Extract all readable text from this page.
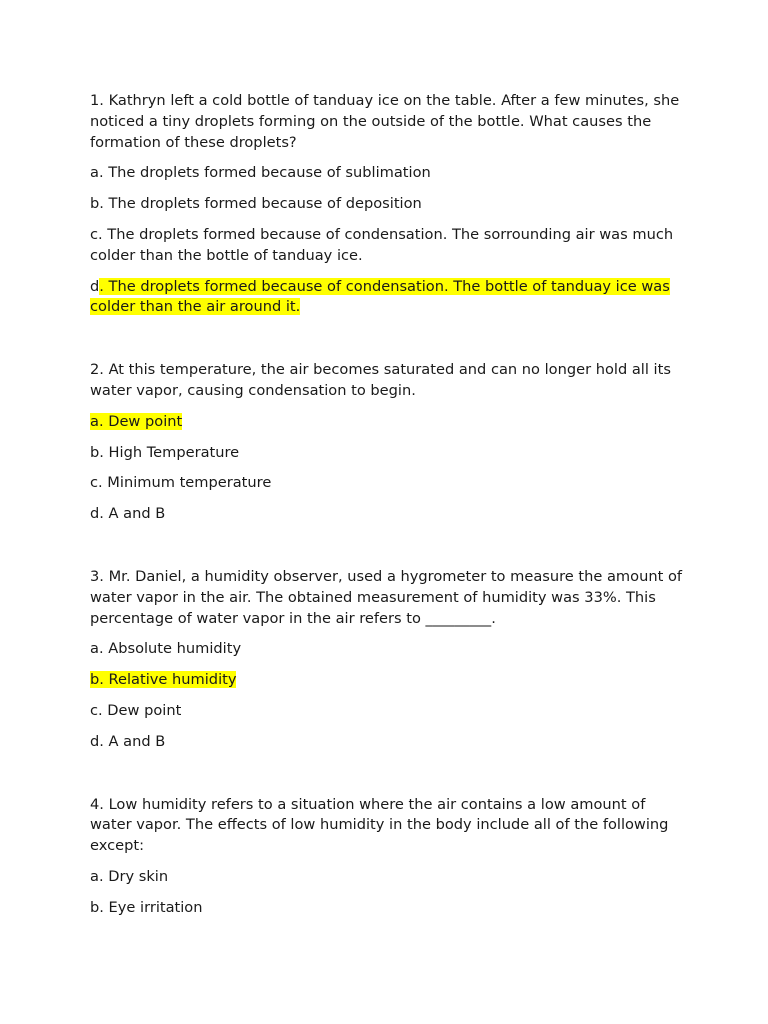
1. Kathryn left a cold bottle of tanduay ice on the table. After a few minutes, she noticed a tiny droplets forming on the outside of the bottle. What causes the formation of these droplets?

a. The droplets formed because of sublimation

b. The droplets formed because of deposition

c. The droplets formed because of condensation. The sorrounding air was much colder than the bottle of tanduay ice.

d. The droplets formed because of condensation. The bottle of tanduay ice was colder than the air around it.

2. At this temperature, the air becomes saturated and can no longer hold all its water vapor, causing condensation to begin.

a. Dew point

b. High Temperature

c. Minimum temperature

d. A and B

3. Mr. Daniel, a humidity observer, used a hygrometer to measure the amount of water vapor in the air. The obtained measurement of humidity was 33%. This percentage of water vapor in the air refers to _________.

a. Absolute humidity

b. Relative humidity

c. Dew point

d. A and B

4. Low humidity refers to a situation where the air contains a low amount of water vapor. The effects of low humidity in the body include all of the following except:

a. Dry skin

b. Eye irritation
